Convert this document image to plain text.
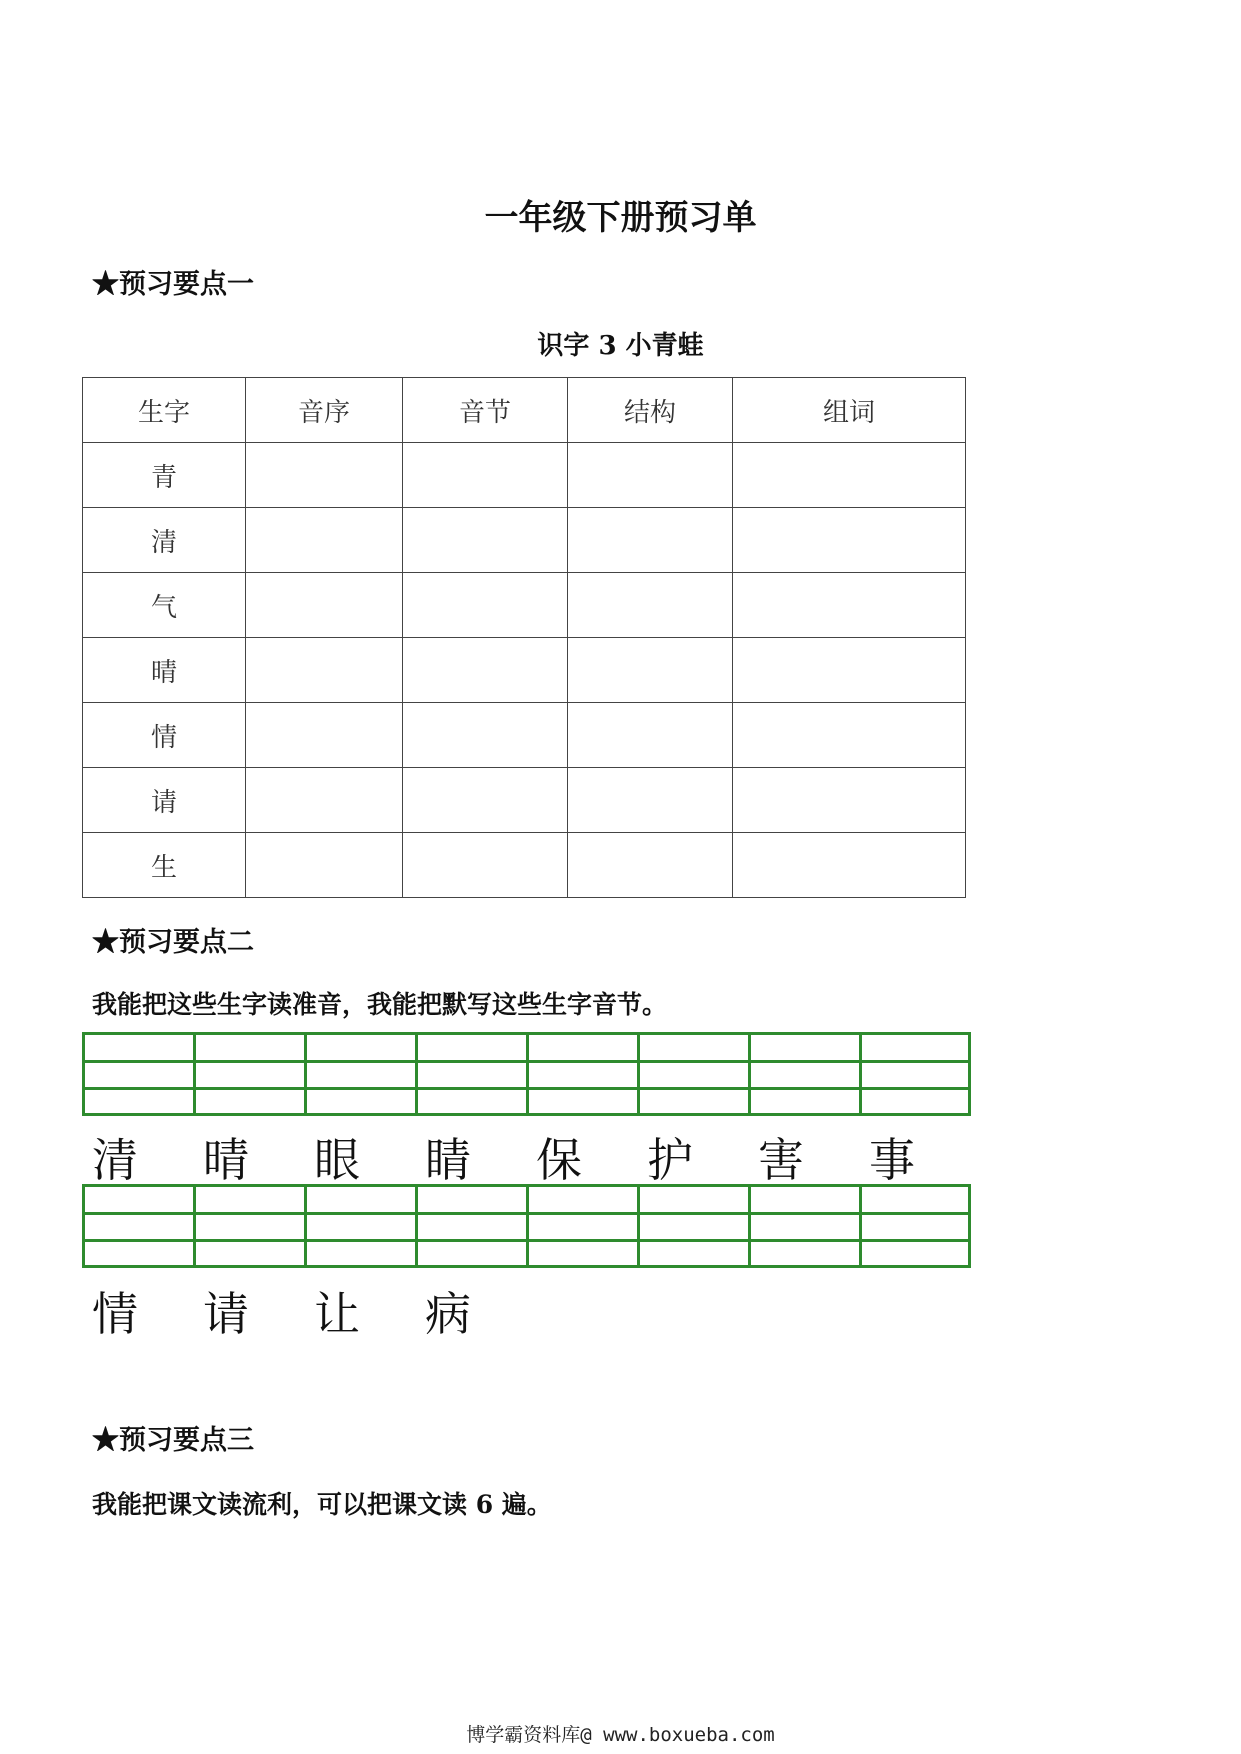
一年级下册预习单
★预习要点一
识字 3 小青蛙
生字	音序	音节	结构	组词
青				
清				
气				
晴				
情				
请				
生				
★预习要点二
我能把这些生字读准音，我能把默写这些生字音节。
清 晴 眼 睛 保 护 害 事
情 请 让 病
★预习要点三
我能把课文读流利，可以把课文读 6 遍。
博学霸资料库@ www.boxueba.com
